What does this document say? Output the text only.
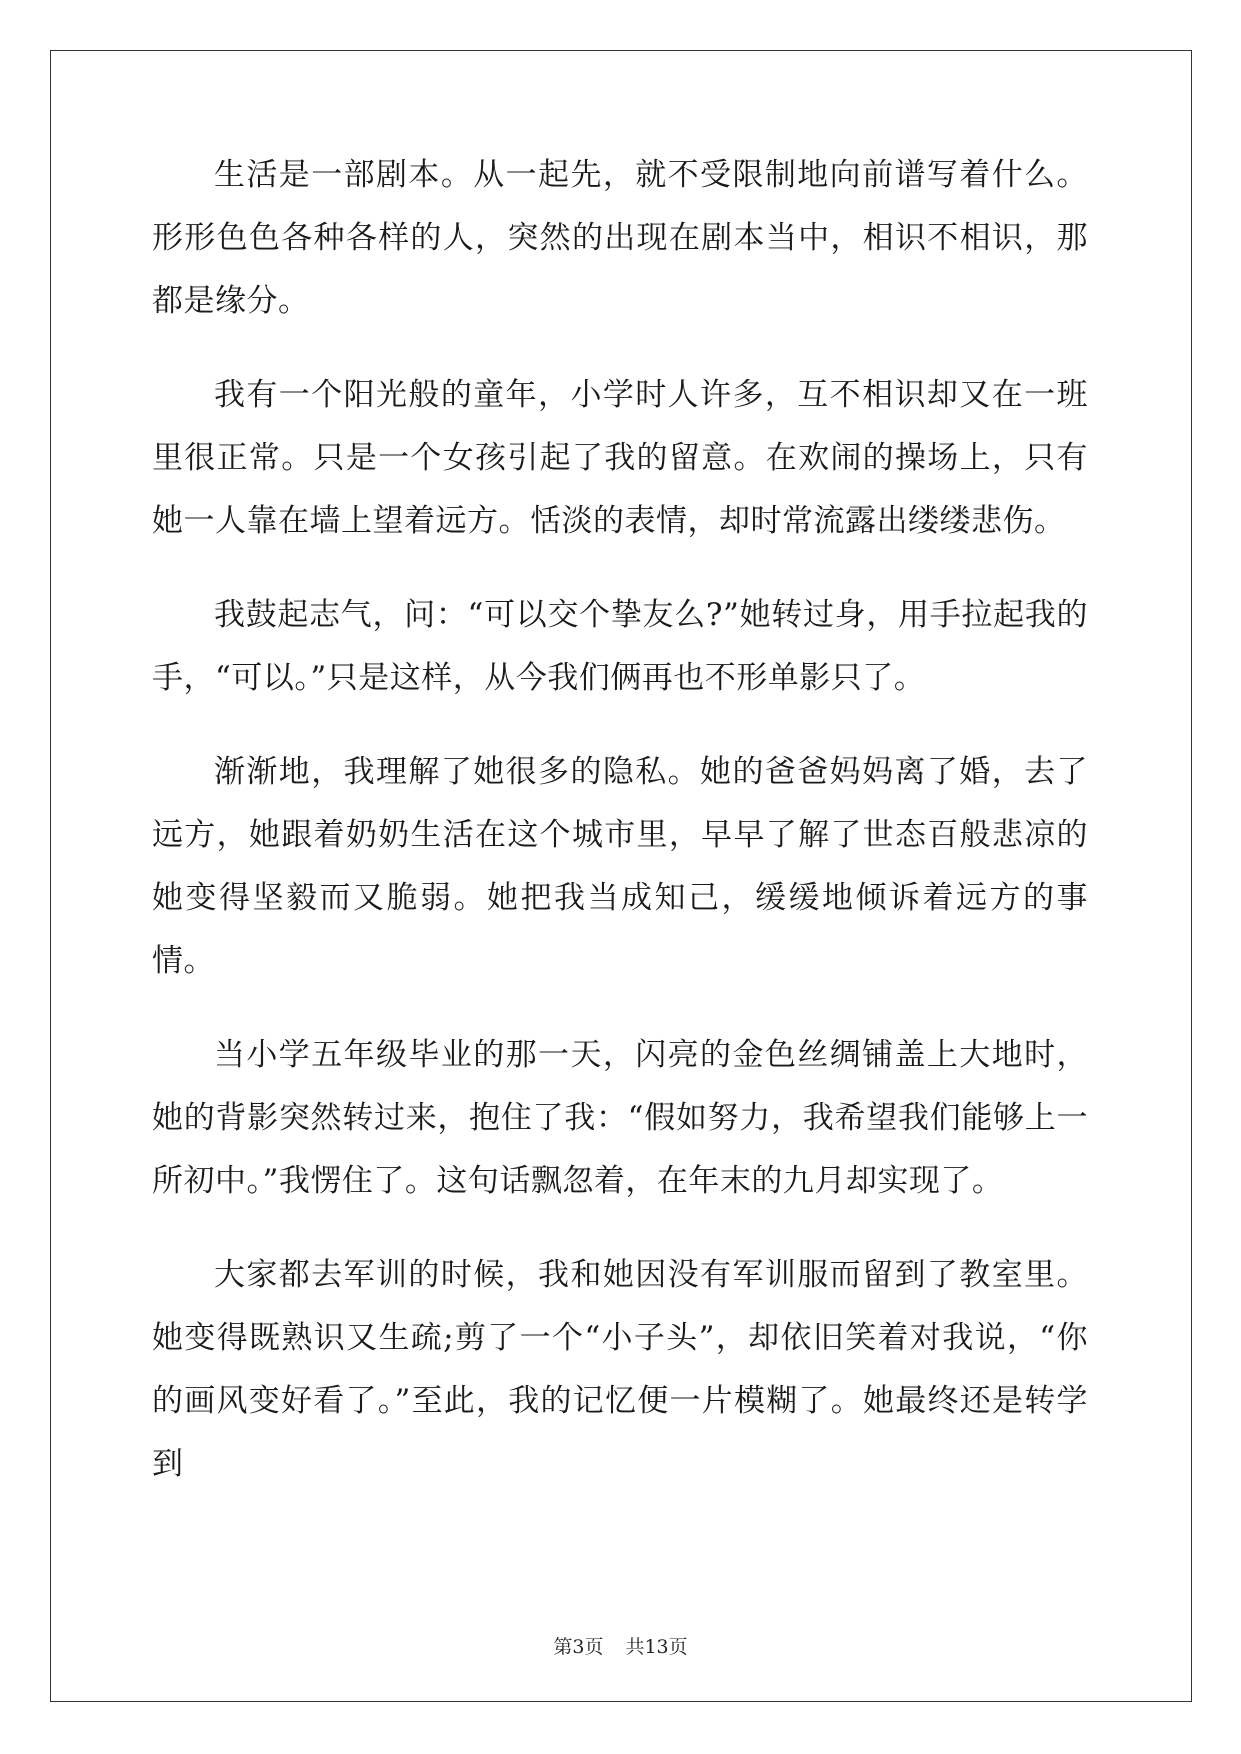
生活是一部剧本。从一起先，就不受限制地向前谱写着什么。形形色色各种各样的人，突然的出现在剧本当中，相识不相识，那都是缘分。

我有一个阳光般的童年，小学时人许多，互不相识却又在一班里很正常。只是一个女孩引起了我的留意。在欢闹的操场上，只有她一人靠在墙上望着远方。恬淡的表情，却时常流露出缕缕悲伤。

我鼓起志气，问：“可以交个挚友么?”她转过身，用手拉起我的手，“可以。”只是这样，从今我们俩再也不形单影只了。

渐渐地，我理解了她很多的隐私。她的爸爸妈妈离了婚，去了远方，她跟着奶奶生活在这个城市里，早早了解了世态百般悲凉的她变得坚毅而又脆弱。她把我当成知己，缓缓地倾诉着远方的事情。

当小学五年级毕业的那一天，闪亮的金色丝绸铺盖上大地时，她的背影突然转过来，抱住了我：“假如努力，我希望我们能够上一所初中。”我愣住了。这句话飘忽着，在年末的九月却实现了。

大家都去军训的时候，我和她因没有军训服而留到了教室里。她变得既熟识又生疏;剪了一个“小子头”，却依旧笑着对我说，“你的画风变好看了。”至此，我的记忆便一片模糊了。她最终还是转学到

第3页 共13页
